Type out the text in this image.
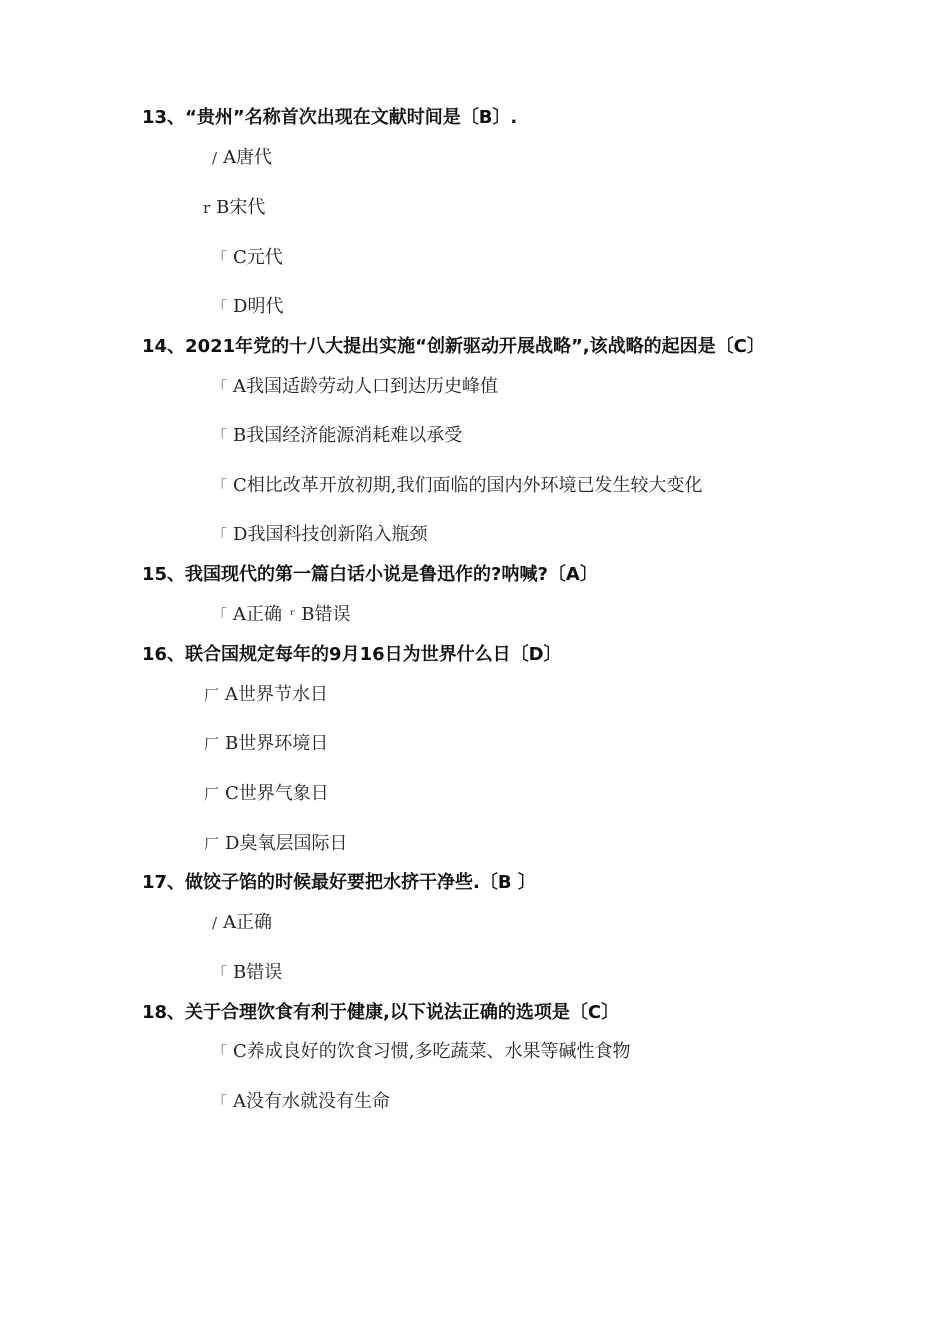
13、“贵州”名称首次出现在文献时间是〔B〕.
/ A唐代
r B宋代
「 C元代
「 D明代
14、2021年党的十八大提出实施“创新驱动开展战略”,该战略的起因是〔C〕
「 A我国适龄劳动人口到达历史峰值
「 B我国经济能源消耗难以承受
「 C相比改革开放初期,我们面临的国内外环境已发生较大变化
「 D我国科技创新陷入瓶颈
15、我国现代的第一篇白话小说是鲁迅作的?呐喊?〔A〕
「 A正确 ʳ B错误
16、联合国规定每年的9月16日为世界什么日〔D〕
厂 A世界节水日
厂 B世界环境日
厂 C世界气象日
厂 D臭氧层国际日
17、做饺子馅的时候最好要把水挤干净些.〔B 〕
/ A正确
「 B错误
18、关于合理饮食有利于健康,以下说法正确的选项是〔C〕
「 C养成良好的饮食习惯,多吃蔬菜、水果等碱性食物
「 A没有水就没有生命
